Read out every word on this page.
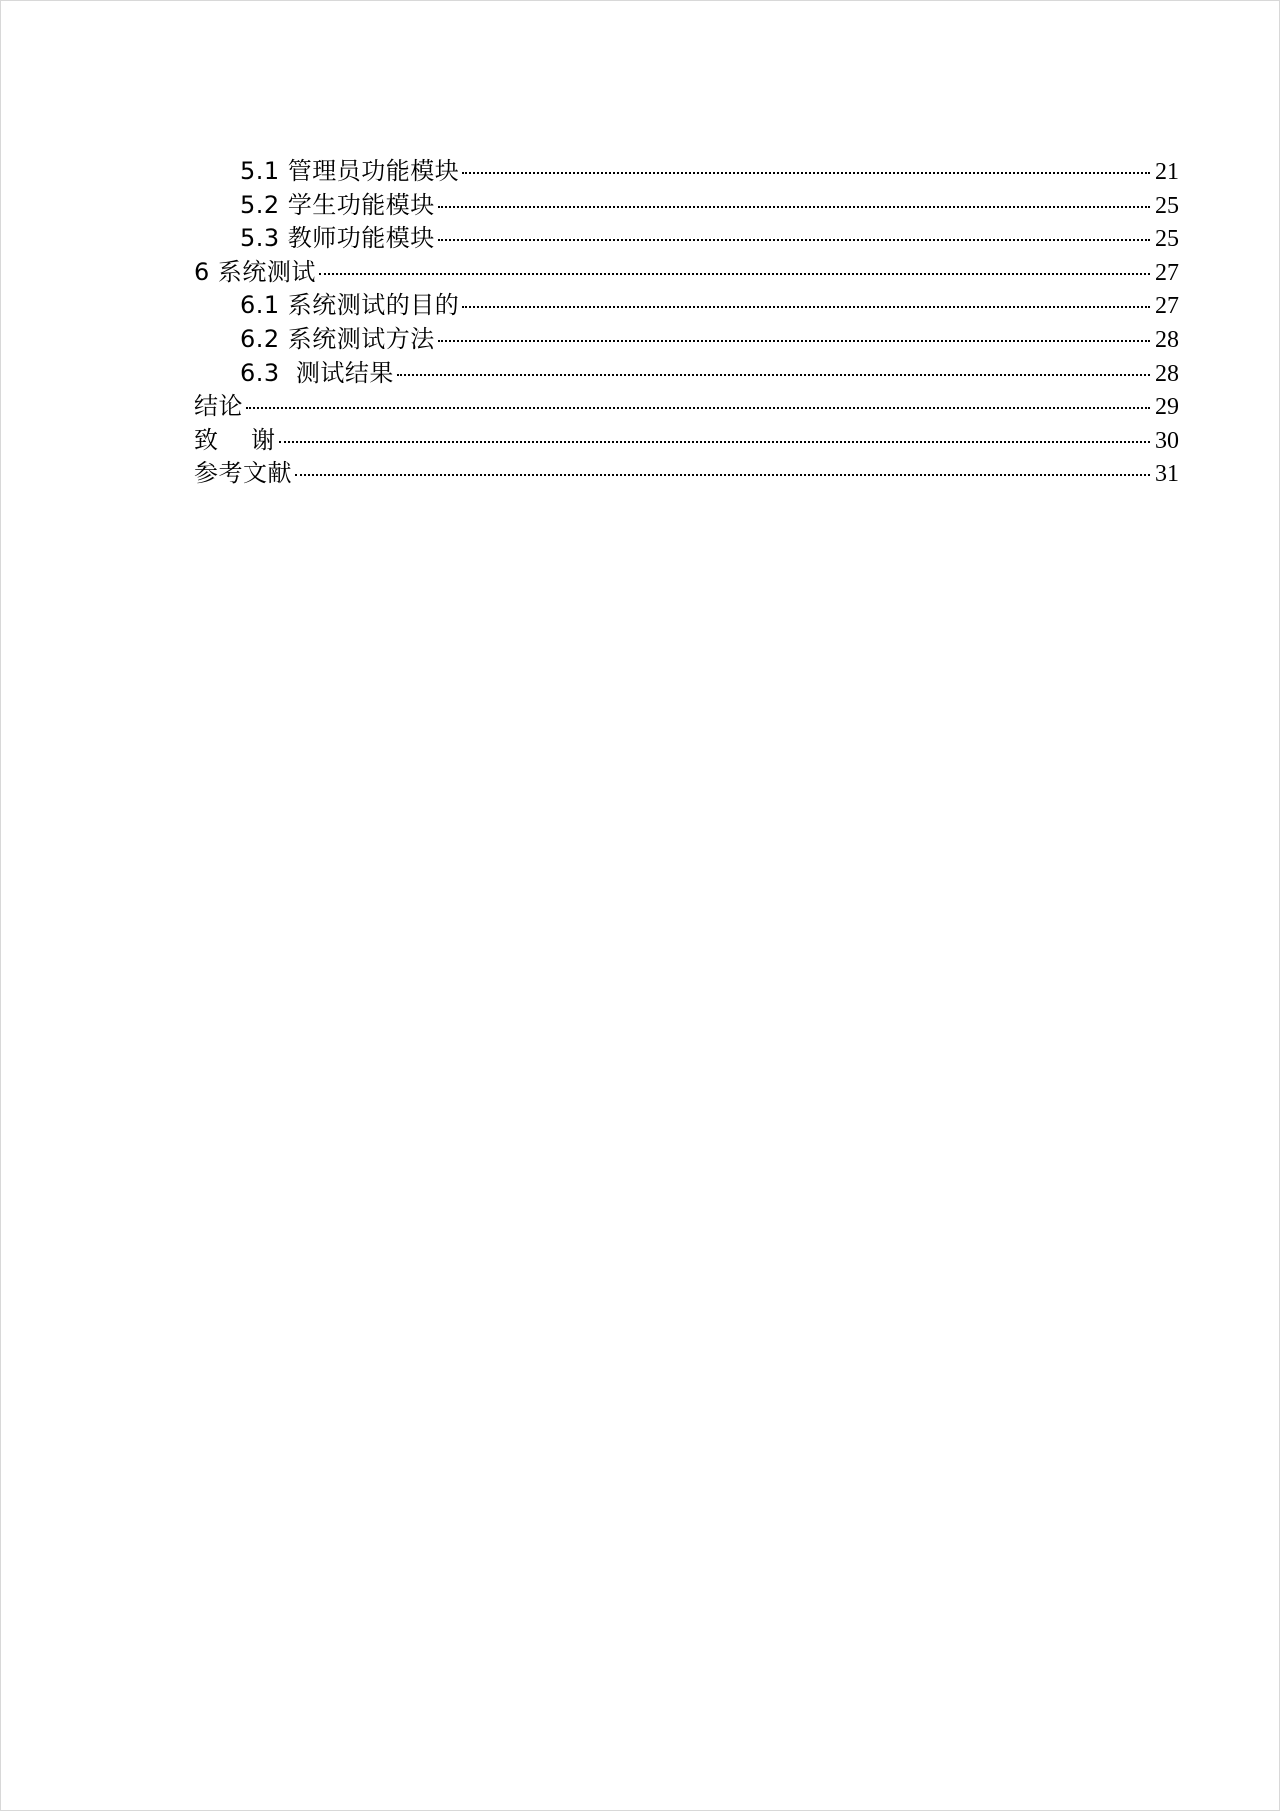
5.1 管理员功能模块	21
5.2 学生功能模块	25
5.3 教师功能模块	25
6 系统测试	27
6.1 系统测试的目的	27
6.2 系统测试方法	28
6.3  测试结果	28
结论	29
致    谢	30
参考文献	31
